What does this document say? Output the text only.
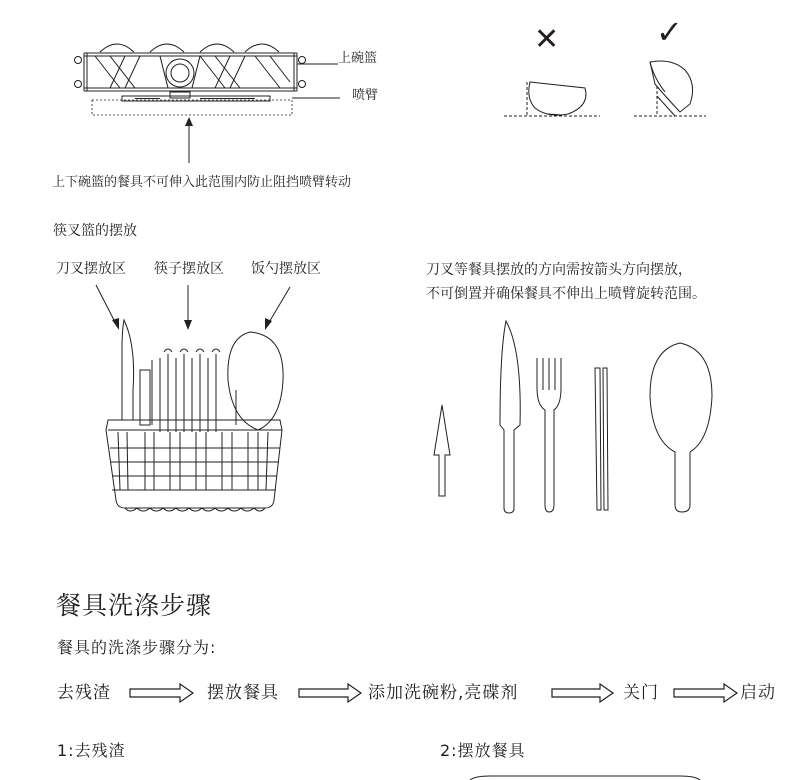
上碗篮
喷臂
上下碗篮的餐具不可伸入此范围内防止阻挡喷臂转动
✕	✓
筷叉篮的摆放
刀叉摆放区 筷子摆放区 饭勺摆放区	刀叉等餐具摆放的方向需按箭头方向摆放，
不可倒置并确保餐具不伸出上喷臂旋转范围。
餐具洗涤步骤
餐具的洗涤步骤分为:
去残渣	摆放餐具	添加洗碗粉,亮碟剂	关门	启动
1:去残渣	2:摆放餐具
